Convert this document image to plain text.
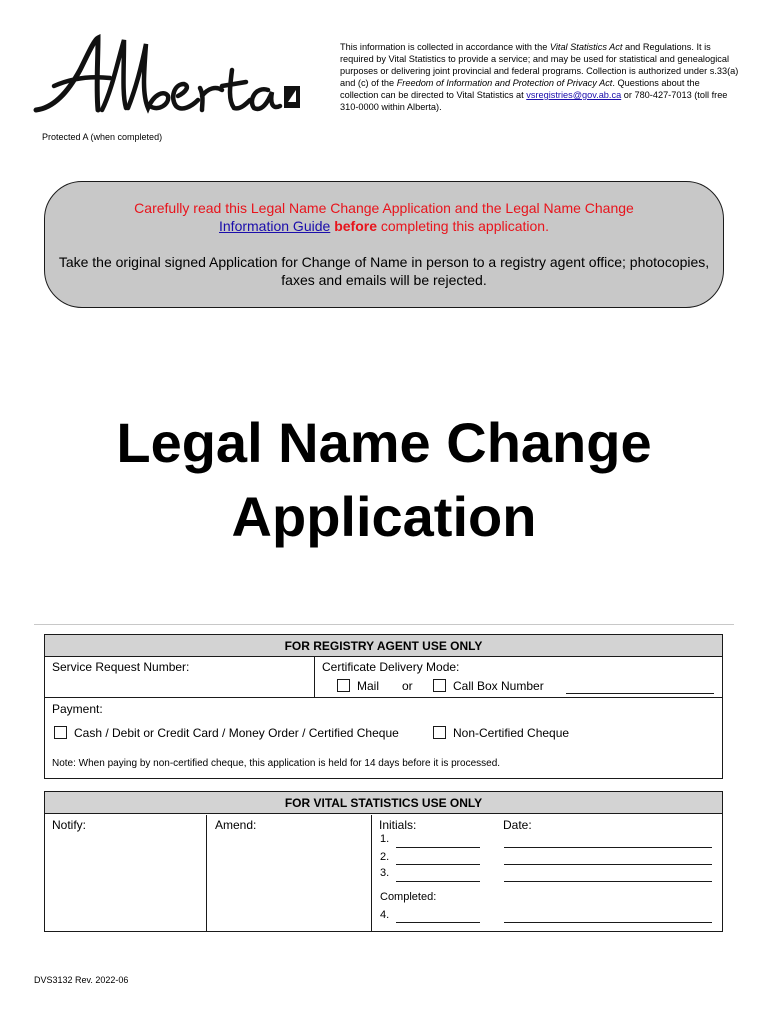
This information is collected in accordance with the Vital Statistics Act and Regulations. It is required by Vital Statistics to provide a service; and may be used for statistical and genealogical purposes or delivering joint provincial and federal programs. Collection is authorized under s.33(a) and (c) of the Freedom of Information and Protection of Privacy Act. Questions about the collection can be directed to Vital Statistics at vsregistries@gov.ab.ca or 780-427-7013 (toll free 310-0000 within Alberta).
Protected A (when completed)
Carefully read this Legal Name Change Application and the Legal Name Change
Information Guide before completing this application.
Take the original signed Application for Change of Name in person to a registry agent office; photocopies, faxes and emails will be rejected.
Legal Name Change
Application
FOR REGISTRY AGENT USE ONLY
Service Request Number:	Certificate Delivery Mode:
Mail or	Call Box Number
Payment:
Cash / Debit or Credit Card / Money Order / Certified Cheque	Non-Certified Cheque
Note: When paying by non-certified cheque, this application is held for 14 days before it is processed.
FOR VITAL STATISTICS USE ONLY
Notify:	Amend:	Initials:	Date:
1.
2.
3.
Completed:
4.
DVS3132 Rev. 2022-06
